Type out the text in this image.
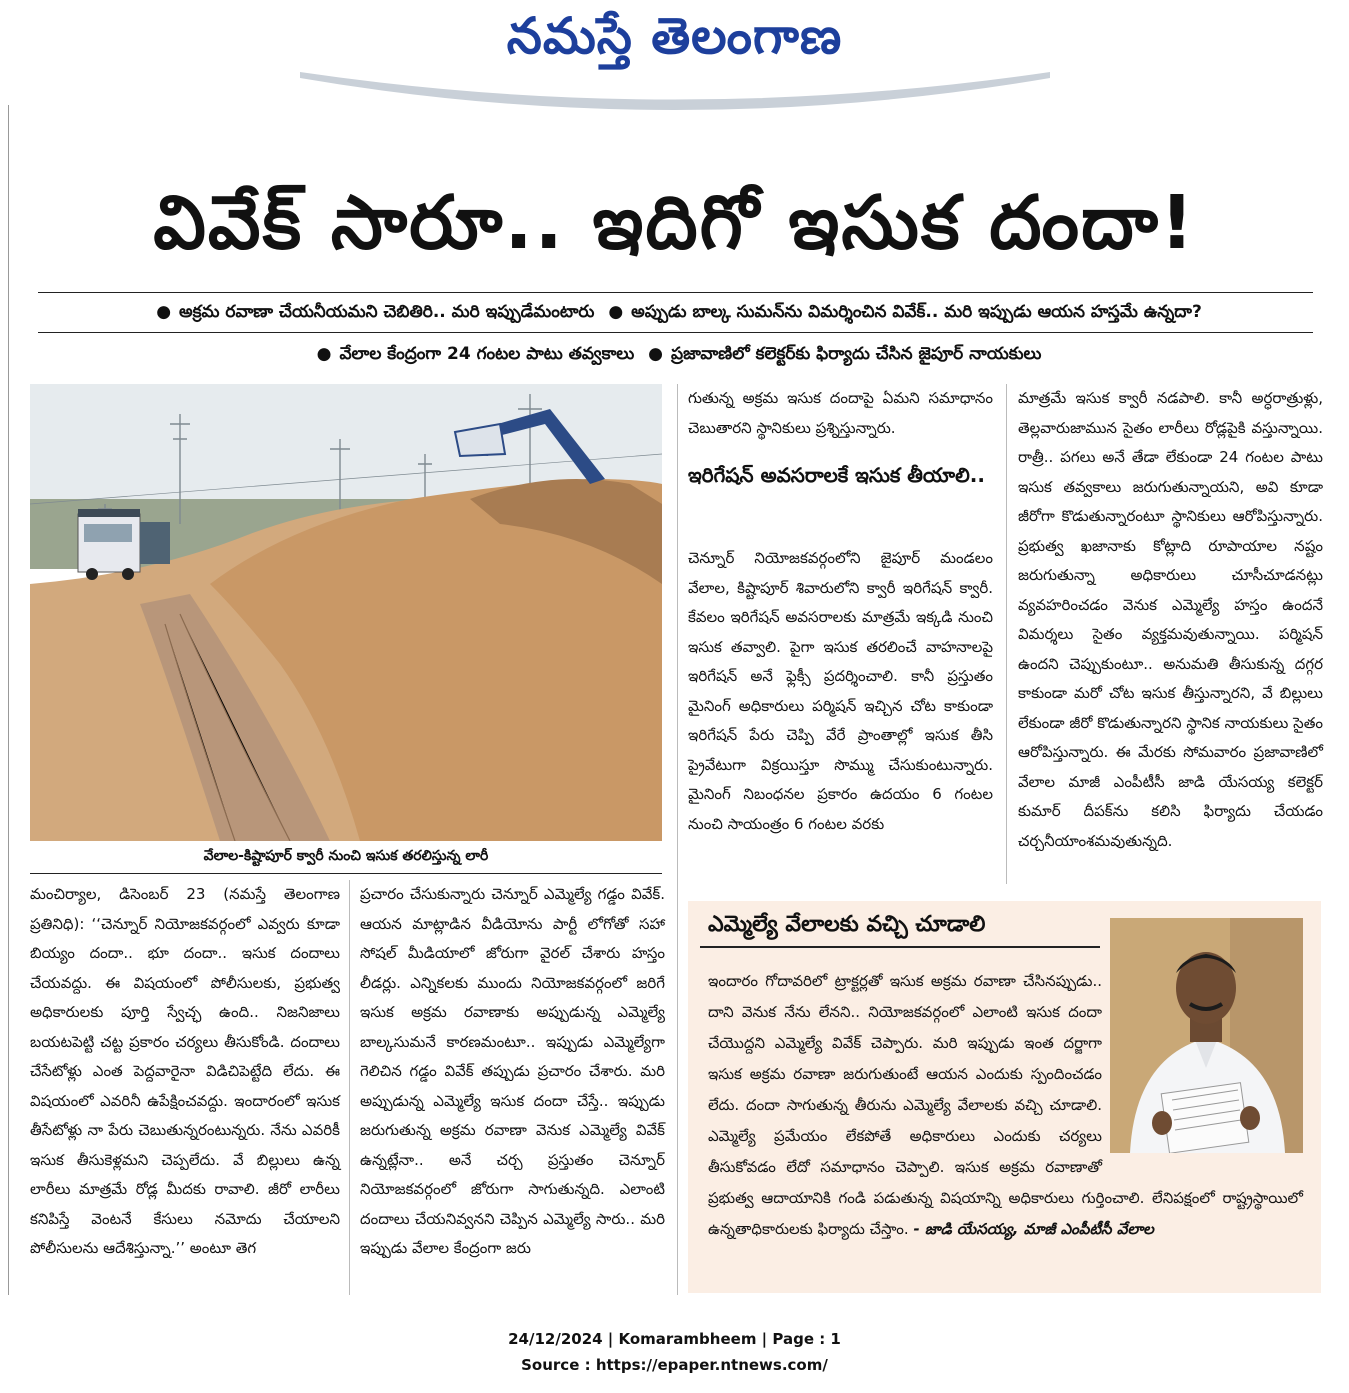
నమస్తే తెలంగాణ
వివేక్ సారూ.. ఇదిగో ఇసుక దందా!
● అక్రమ రవాణా చేయనీయమని చెబితిరి.. మరి ఇప్పుడేమంటారు ● అప్పుడు బాల్క సుమన్‌ను విమర్శించిన వివేక్.. మరి ఇప్పుడు ఆయన హస్తమే ఉన్నదా?
● వేలాల కేంద్రంగా 24 గంటల పాటు తవ్వకాలు ● ప్రజావాణిలో కలెక్టర్‌కు ఫిర్యాదు చేసిన జైపూర్ నాయకులు
వేలాల-కిష్టాపూర్ క్వారీ నుంచి ఇసుక తరలిస్తున్న లారీ
మంచిర్యాల, డిసెంబర్ 23 (నమస్తే తెలంగాణ ప్రతినిధి): ‘‘చెన్నూర్ నియోజకవర్గంలో ఎవ్వరు కూడా బియ్యం దందా.. భూ దందా.. ఇసుక దందాలు చేయవద్దు. ఈ విషయంలో పోలీసులకు, ప్రభుత్వ అధికారులకు పూర్తి స్వేచ్ఛ ఉంది.. నిజనిజాలు బయటపెట్టి చట్ట ప్రకారం చర్యలు తీసుకోండి. దందాలు చేసేటోళ్లు ఎంత పెద్దవారైనా విడిచిపెట్టేది లేదు. ఈ విషయంలో ఎవరినీ ఉపేక్షించవద్దు. ఇందారంలో ఇసుక తీసేటోళ్లు నా పేరు చెబుతున్నరంటున్నరు. నేను ఎవరికీ ఇసుక తీసుకెళ్లమని చెప్పలేదు. వే బిల్లులు ఉన్న లారీలు మాత్రమే రోడ్ల మీదకు రావాలి. జీరో లారీలు కనిపిస్తే వెంటనే కేసులు నమోదు చేయాలని పోలీసులను ఆదేశిస్తున్నా.’’ అంటూ తెగ
ప్రచారం చేసుకున్నారు చెన్నూర్ ఎమ్మెల్యే గడ్డం వివేక్. ఆయన మాట్లాడిన వీడియోను పార్టీ లోగోతో సహా సోషల్ మీడియాలో జోరుగా వైరల్ చేశారు హస్తం లీడర్లు. ఎన్నికలకు ముందు నియోజకవర్గంలో జరిగే ఇసుక అక్రమ రవాణాకు అప్పుడున్న ఎమ్మెల్యే బాల్కసుమనే కారణమంటూ.. ఇప్పుడు ఎమ్మెల్యేగా గెలిచిన గడ్డం వివేక్ తప్పుడు ప్రచారం చేశారు. మరి అప్పుడున్న ఎమ్మెల్యే ఇసుక దందా చేస్తే.. ఇప్పుడు జరుగుతున్న అక్రమ రవాణా వెనుక ఎమ్మెల్యే వివేక్ ఉన్నట్లేనా.. అనే చర్చ ప్రస్తుతం చెన్నూర్ నియోజకవర్గంలో జోరుగా సాగుతున్నది. ఎలాంటి దందాలు చేయనివ్వనని చెప్పిన ఎమ్మెల్యే సారు.. మరి ఇప్పుడు వేలాల కేంద్రంగా జరు
గుతున్న అక్రమ ఇసుక దందాపై ఏమని సమాధానం చెబుతారని స్థానికులు ప్రశ్నిస్తున్నారు.
ఇరిగేషన్ అవసరాలకే ఇసుక తీయాలి..
చెన్నూర్ నియోజకవర్గంలోని జైపూర్ మండలం వేలాల, కిష్టాపూర్ శివారులోని క్వారీ ఇరిగేషన్ క్వారీ. కేవలం ఇరిగేషన్ అవసరాలకు మాత్రమే ఇక్కడి నుంచి ఇసుక తవ్వాలి. పైగా ఇసుక తరలించే వాహనాలపై ఇరిగేషన్ అనే ఫ్లెక్సీ ప్రదర్శించాలి. కానీ ప్రస్తుతం మైనింగ్ అధికారులు పర్మిషన్ ఇచ్చిన చోట కాకుండా ఇరిగేషన్ పేరు చెప్పి వేరే ప్రాంతాల్లో ఇసుక తీసి ప్రైవేటుగా విక్రయిస్తూ సొమ్ము చేసుకుంటున్నారు. మైనింగ్ నిబంధనల ప్రకారం ఉదయం 6 గంటల నుంచి సాయంత్రం 6 గంటల వరకు
మాత్రమే ఇసుక క్వారీ నడపాలి. కానీ అర్ధరాత్రుళ్లు, తెల్లవారుజామున సైతం లారీలు రోడ్లపైకి వస్తున్నాయి. రాత్రీ.. పగలు అనే తేడా లేకుండా 24 గంటల పాటు ఇసుక తవ్వకాలు జరుగుతున్నాయని, అవి కూడా జీరోగా కొడుతున్నారంటూ స్థానికులు ఆరోపిస్తున్నారు. ప్రభుత్వ ఖజానాకు కోట్లాది రూపాయాల నష్టం జరుగుతున్నా అధికారులు చూసీచూడనట్లు వ్యవహరించడం వెనుక ఎమ్మెల్యే హస్తం ఉందనే విమర్శలు సైతం వ్యక్తమవుతున్నాయి. పర్మిషన్ ఉందని చెప్పుకుంటూ.. అనుమతి తీసుకున్న దగ్గర కాకుండా మరో చోట ఇసుక తీస్తున్నారని, వే బిల్లులు లేకుండా జీరో కొడుతున్నారని స్థానిక నాయకులు సైతం ఆరోపిస్తున్నారు. ఈ మేరకు సోమవారం ప్రజావాణిలో వేలాల మాజీ ఎంపీటీసీ జాడి యేసయ్య కలెక్టర్ కుమార్ దీపక్‌ను కలిసి ఫిర్యాదు చేయడం చర్చనీయాంశమవుతున్నది.
ఎమ్మెల్యే వేలాలకు వచ్చి చూడాలి
ఇందారం గోదావరిలో ట్రాక్టర్లతో ఇసుక అక్రమ రవాణా చేసినప్పుడు.. దాని వెనుక నేను లేనని.. నియోజకవర్గంలో ఎలాంటి ఇసుక దందా చేయొద్దని ఎమ్మెల్యే వివేక్ చెప్పారు. మరి ఇప్పుడు ఇంత దర్జాగా ఇసుక అక్రమ రవాణా జరుగుతుంటే ఆయన ఎందుకు స్పందించడం లేదు. దందా సాగుతున్న తీరును ఎమ్మెల్యే వేలాలకు వచ్చి చూడాలి. ఎమ్మెల్యే ప్రమేయం లేకపోతే అధికారులు ఎందుకు చర్యలు తీసుకోవడం లేదో సమాధానం చెప్పాలి. ఇసుక అక్రమ రవాణాతో ప్రభుత్వ ఆదాయానికి గండి పడుతున్న విషయాన్ని అధికారులు గుర్తించాలి. లేనిపక్షంలో రాష్ట్రస్థాయిలో ఉన్నతాధికారులకు ఫిర్యాదు చేస్తాం. - జాడి యేసయ్య, మాజీ ఎంపీటీసీ వేలాల
24/12/2024 | Komarambheem | Page : 1
Source : https://epaper.ntnews.com/
